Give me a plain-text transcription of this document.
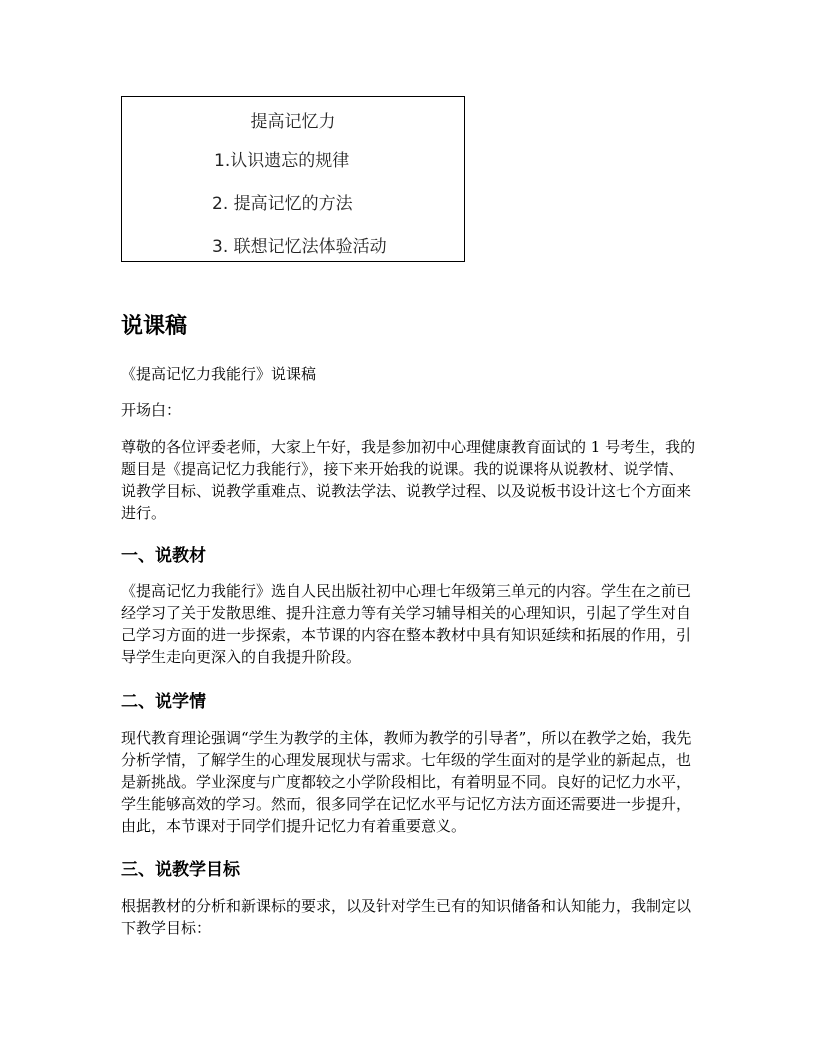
提高记忆力
1.认识遗忘的规律
2. 提高记忆的方法
3. 联想记忆法体验活动
说课稿

《提高记忆力我能行》说课稿

开场白：

尊敬的各位评委老师，大家上午好，我是参加初中心理健康教育面试的 1 号考生，我的题目是《提高记忆力我能行》，接下来开始我的说课。我的说课将从说教材、说学情、说教学目标、说教学重难点、说教法学法、说教学过程、以及说板书设计这七个方面来进行。

一、说教材

《提高记忆力我能行》选自人民出版社初中心理七年级第三单元的内容。学生在之前已经学习了关于发散思维、提升注意力等有关学习辅导相关的心理知识，引起了学生对自己学习方面的进一步探索，本节课的内容在整本教材中具有知识延续和拓展的作用，引导学生走向更深入的自我提升阶段。

二、说学情

现代教育理论强调“学生为教学的主体，教师为教学的引导者”，所以在教学之始，我先分析学情，了解学生的心理发展现状与需求。七年级的学生面对的是学业的新起点，也是新挑战。学业深度与广度都较之小学阶段相比，有着明显不同。良好的记忆力水平，学生能够高效的学习。然而，很多同学在记忆水平与记忆方法方面还需要进一步提升，由此，本节课对于同学们提升记忆力有着重要意义。

三、说教学目标

根据教材的分析和新课标的要求，以及针对学生已有的知识储备和认知能力，我制定以下教学目标：
